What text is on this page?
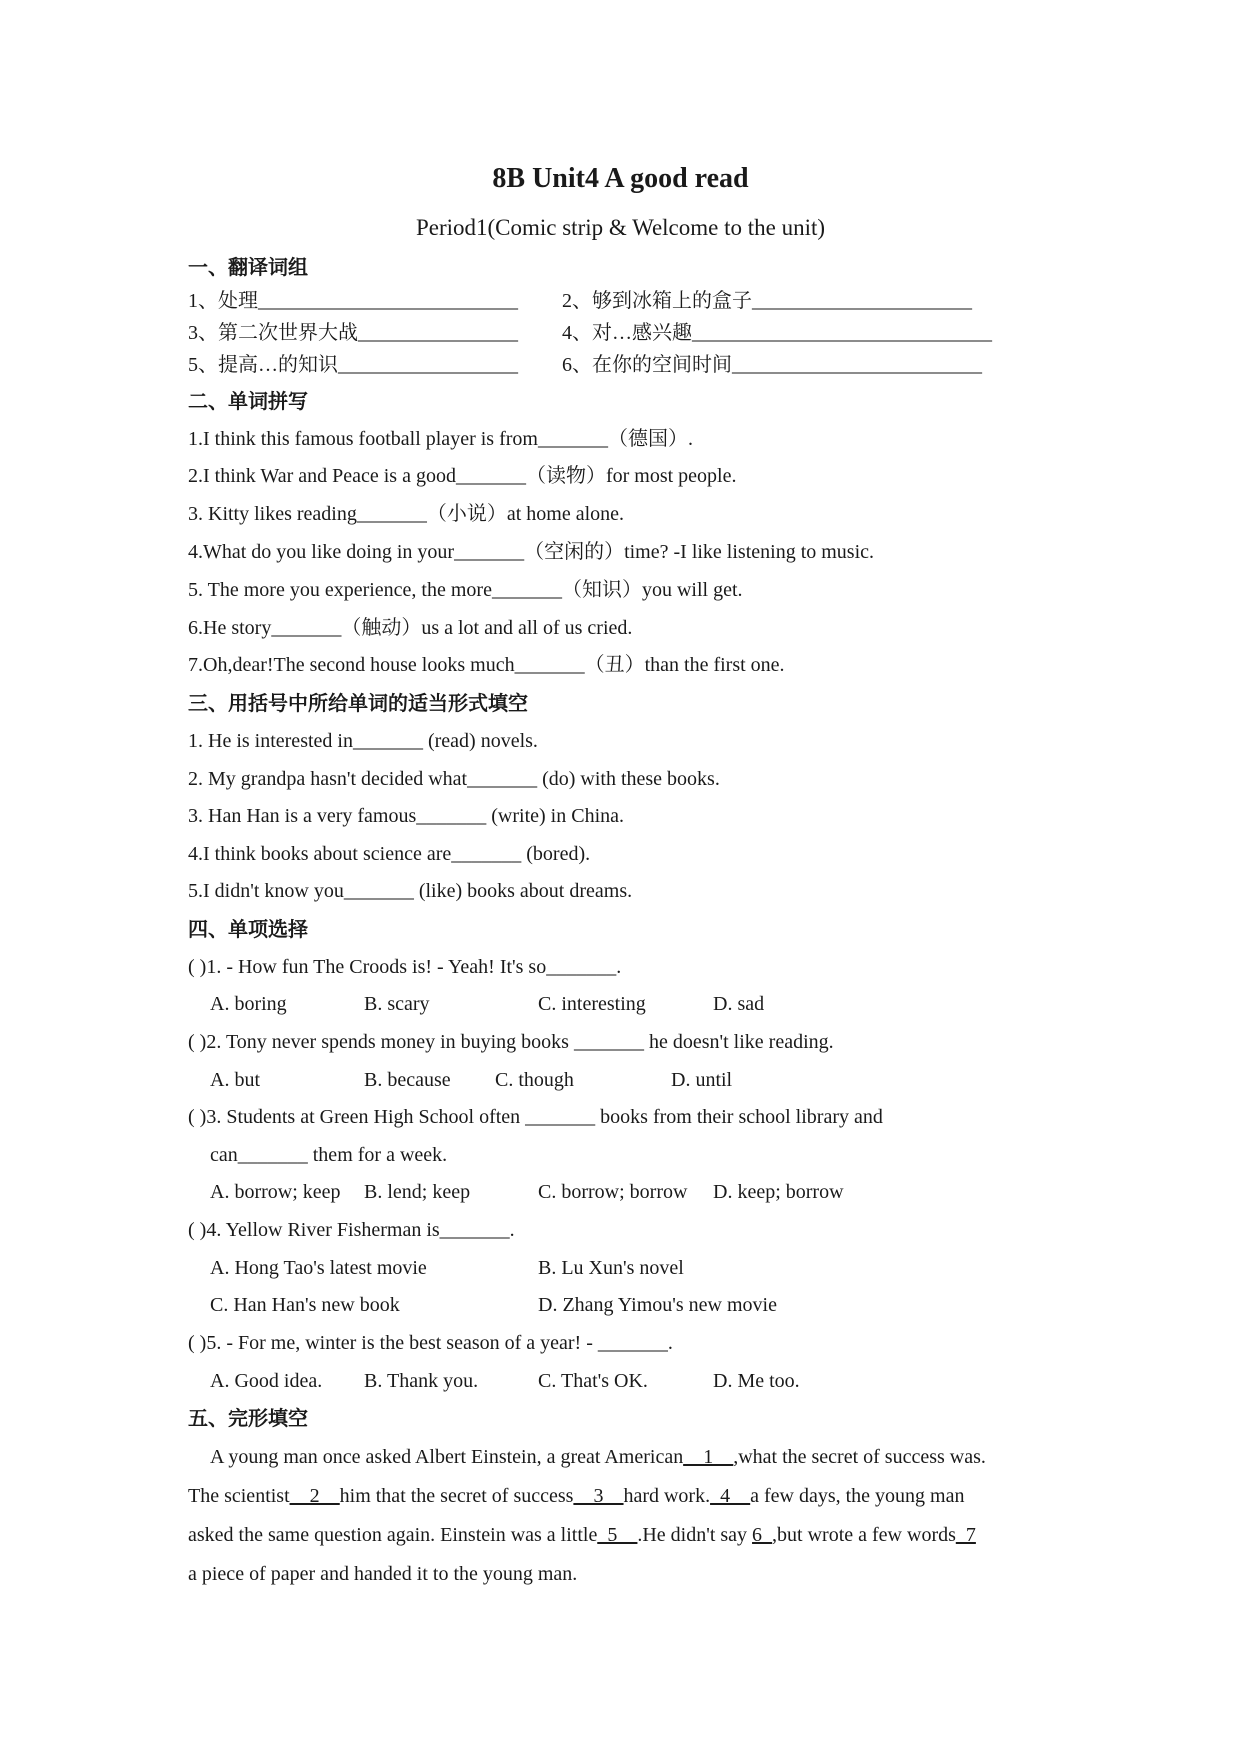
8B Unit4 A good read
Period1(Comic strip & Welcome to the unit)
一、翻译词组
1、处理__________________________ 2、够到冰箱上的盒子______________________
3、第二次世界大战________________ 4、对…感兴趣______________________________
5、提高…的知识__________________ 6、在你的空间时间_________________________
二、单词拼写
1.I think this famous football player is from_______（德国）.
2.I think War and Peace is a good_______（读物）for most people.
3. Kitty likes reading_______（小说）at home alone.
4.What do you like doing in your_______（空闲的）time? -I like listening to music.
5. The more you experience, the more_______（知识）you will get.
6.He story_______（触动）us a lot and all of us cried.
7.Oh,dear!The second house looks much_______（丑）than the first one.
三、用括号中所给单词的适当形式填空
1. He is interested in_______ (read) novels.
2. My grandpa hasn't decided what_______ (do) with these books.
3. Han Han is a very famous_______ (write) in China.
4.I think books about science are_______ (bored).
5.I didn't know you_______ (like) books about dreams.
四、单项选择
( )1. - How fun The Croods is! - Yeah! It's so_______.
A. boring	B. scary	C. interesting	D. sad
( )2. Tony never spends money in buying books _______ he doesn't like reading.
A. but	B. because C. though	D. until
( )3. Students at Green High School often _______ books from their school library and
can_______ them for a week.
A. borrow; keep B. lend; keep	C. borrow; borrow D. keep; borrow
( )4. Yellow River Fisherman is_______.
A. Hong Tao's latest movie	B. Lu Xun's novel
C. Han Han's new book	D. Zhang Yimou's new movie
( )5. - For me, winter is the best season of a year! - _______.
A. Good idea. B. Thank you.	C. That's OK.	D. Me too.
五、完形填空
A young man once asked Albert Einstein, a great American__1__,what the secret of success was.
The scientist__2__him that the secret of success__3__hard work._4__a few days, the young man
asked the same question again. Einstein was a little_5__.He didn't say 6_,but wrote a few words_7
a piece of paper and handed it to the young man.
